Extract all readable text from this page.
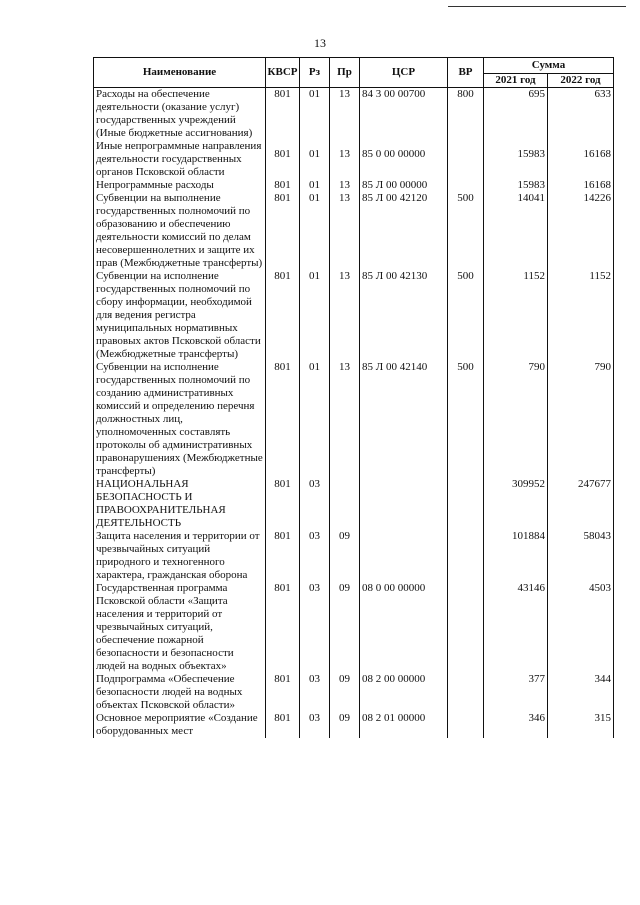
13
Наименование	КВСР	Рз	Пр	ЦСР	ВР	Сумма	
						2021 год	2022 год
Расходы на обеспечение деятельности (оказание услуг) государственных учреждений (Иные бюджетные ассигнования)	801	01	13	84 3 00 00700	800	695	633
Иные непрограммные направления деятельности государственных органов Псковской области	801	01	13	85 0 00 00000		15983	16168
Непрограммные расходы	801	01	13	85 Л 00 00000		15983	16168
Субвенции на выполнение государственных полномочий по образованию и обеспечению деятельности комиссий по делам несовершеннолетних и защите их прав (Межбюджетные трансферты)	801	01	13	85 Л 00 42120	500	14041	14226
Субвенции на исполнение государственных полномочий по сбору информации, необходимой для ведения регистра муниципальных нормативных правовых актов Псковской области (Межбюджетные трансферты)	801	01	13	85 Л 00 42130	500	1152	1152
Субвенции на исполнение государственных полномочий по созданию административных комиссий и определению перечня должностных лиц, уполномоченных составлять протоколы об административных правонарушениях (Межбюджетные трансферты)	801	01	13	85 Л 00 42140	500	790	790
НАЦИОНАЛЬНАЯ БЕЗОПАСНОСТЬ И ПРАВООХРАНИТЕЛЬНАЯ ДЕЯТЕЛЬНОСТЬ	801	03				309952	247677
Защита населения и территории от чрезвычайных ситуаций природного и техногенного характера, гражданская оборона	801	03	09			101884	58043
Государственная программа Псковской области «Защита населения и территорий от чрезвычайных ситуаций, обеспечение пожарной безопасности и безопасности людей на водных объектах»	801	03	09	08 0 00 00000		43146	4503
Подпрограмма «Обеспечение безопасности людей на водных объектах Псковской области»	801	03	09	08 2 00 00000		377	344
Основное мероприятие «Создание оборудованных мест	801	03	09	08 2 01 00000		346	315
